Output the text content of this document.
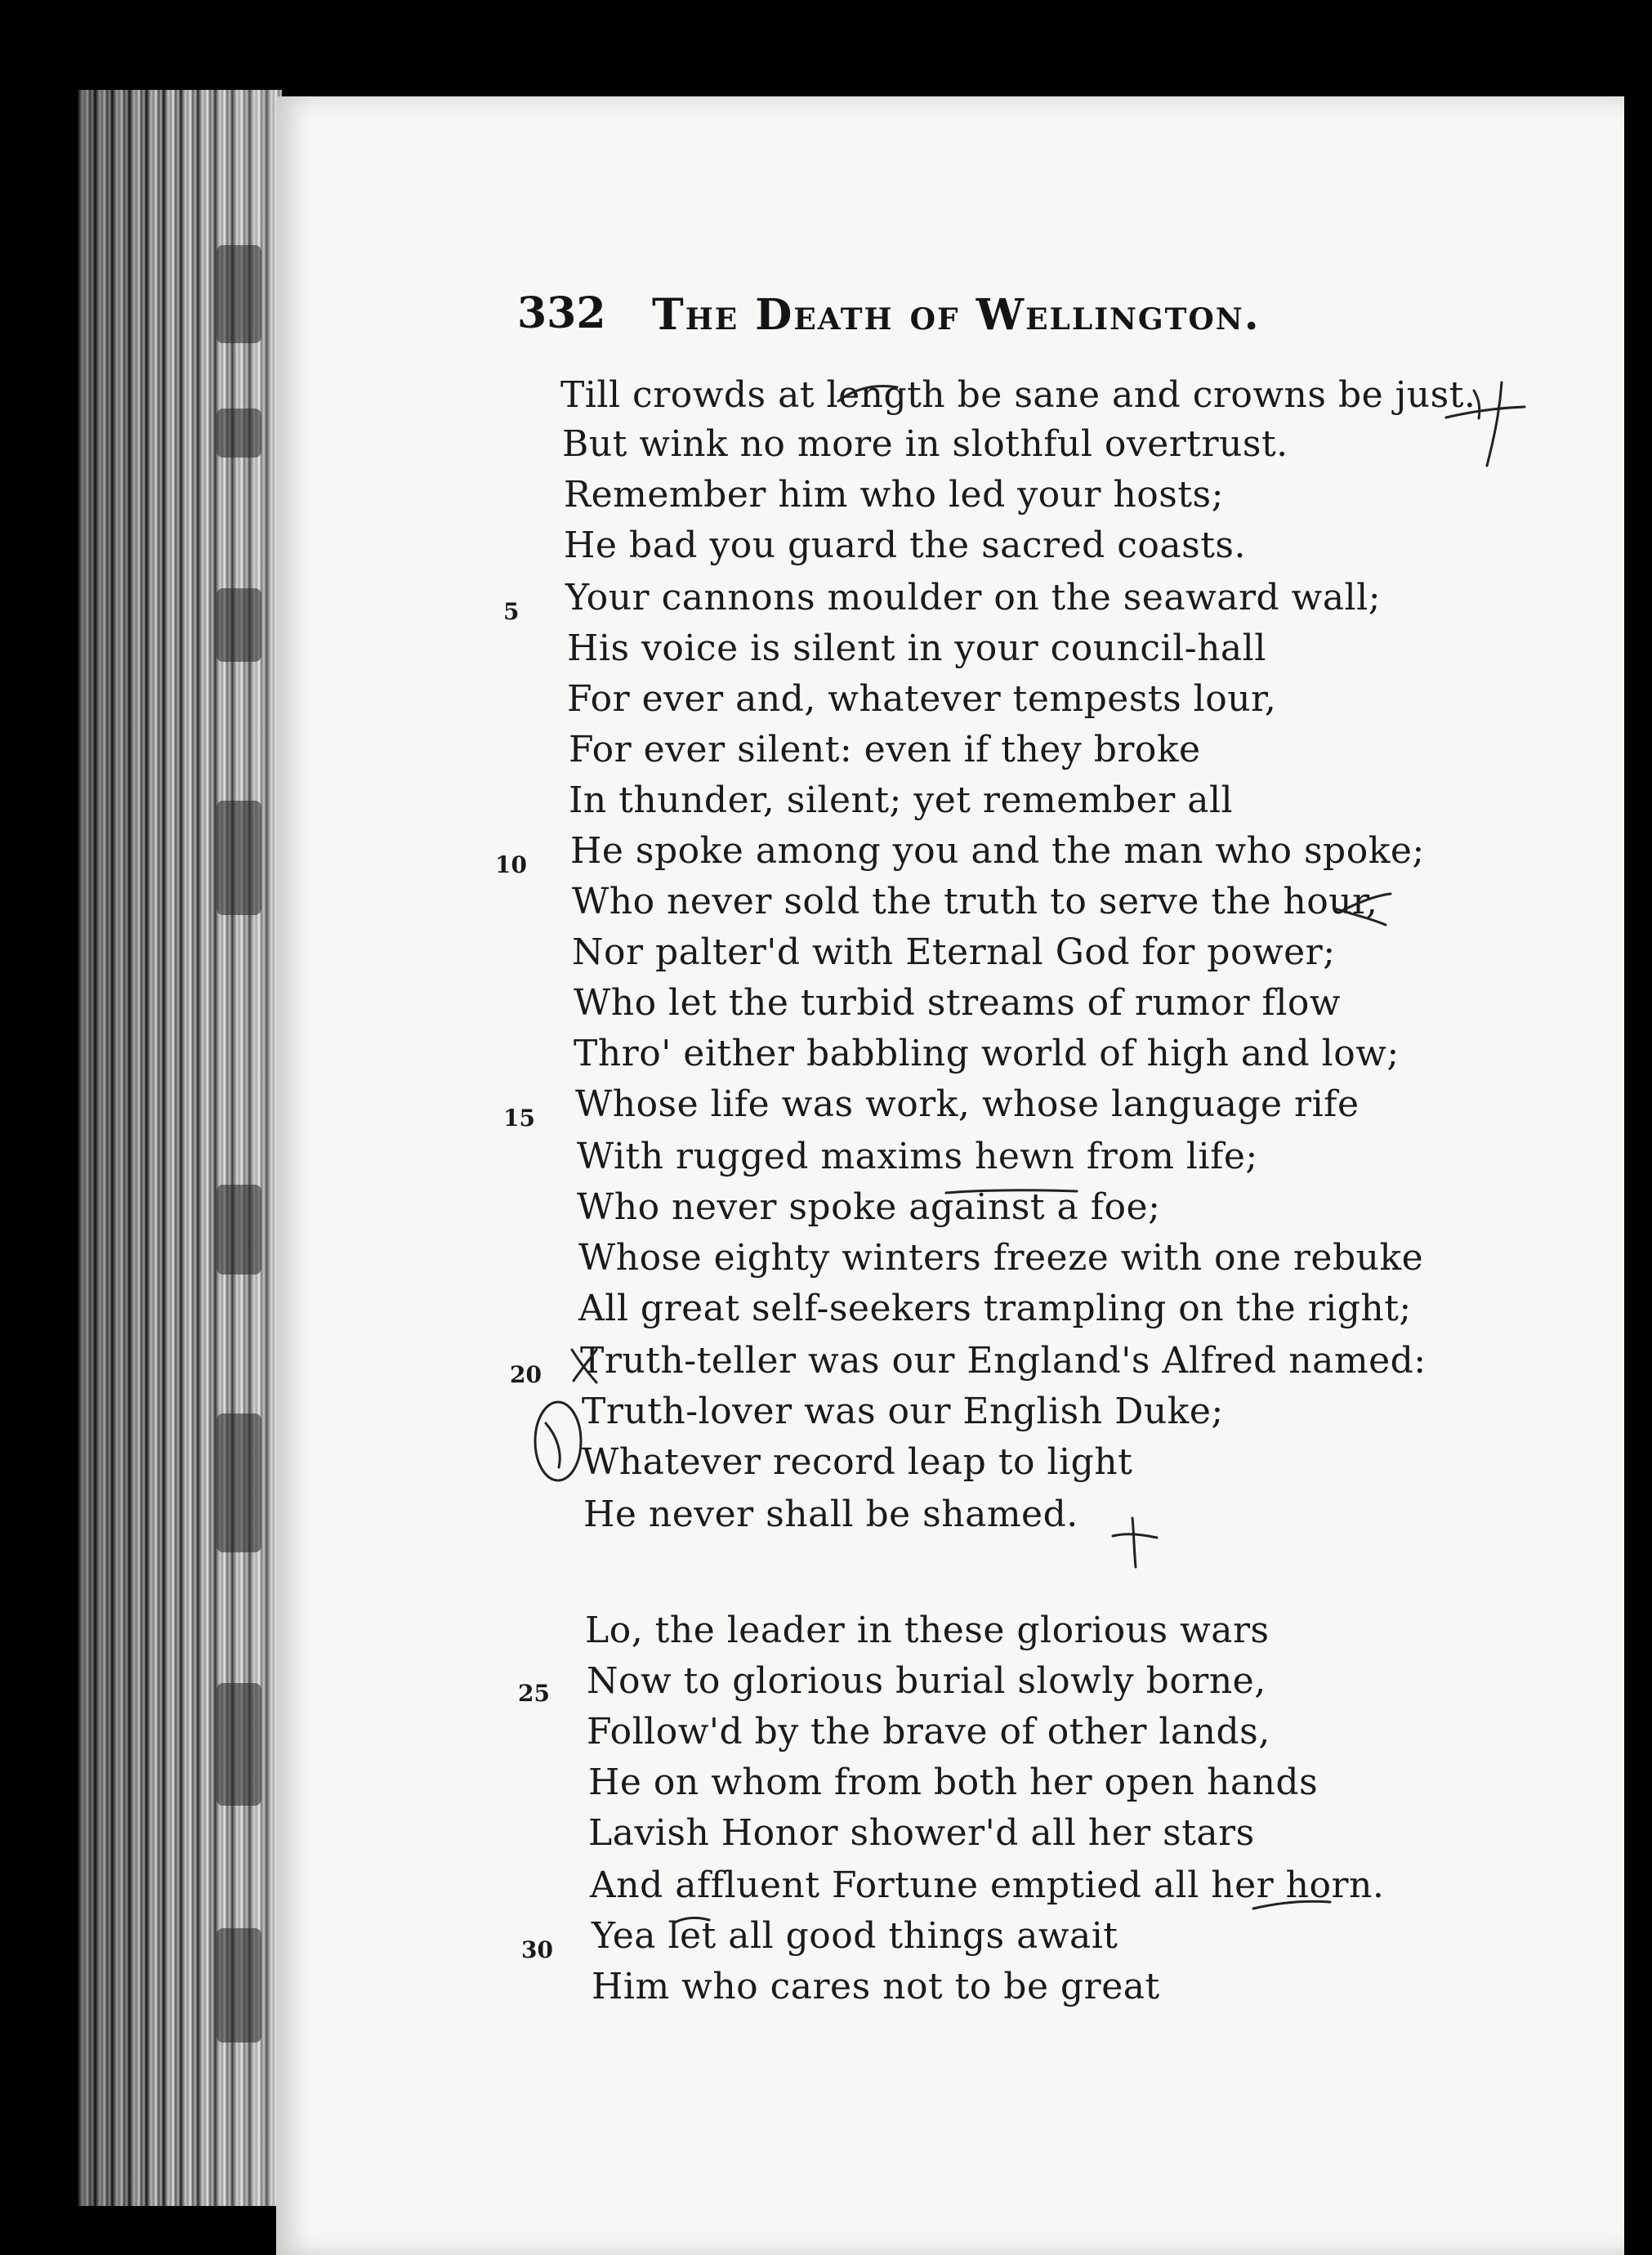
332 The Death of Wellington.
Till crowds at length be sane and crowns be just.
But wink no more in slothful overtrust.
Remember him who led your hosts;
He bad you guard the sacred coasts.
Your cannons moulder on the seaward wall;
His voice is silent in your council-hall
For ever and, whatever tempests lour,
For ever silent: even if they broke
In thunder, silent; yet remember all
He spoke among you and the man who spoke;
Who never sold the truth to serve the hour,
Nor palter'd with Eternal God for power;
Who let the turbid streams of rumor flow
Thro' either babbling world of high and low;
Whose life was work, whose language rife
With rugged maxims hewn from life;
Who never spoke against a foe;
Whose eighty winters freeze with one rebuke
All great self-seekers trampling on the right;
Truth-teller was our England's Alfred named:
Truth-lover was our English Duke;
Whatever record leap to light
He never shall be shamed.
Lo, the leader in these glorious wars
Now to glorious burial slowly borne,
Follow'd by the brave of other lands,
He on whom from both her open hands
Lavish Honor shower'd all her stars
And affluent Fortune emptied all her horn.
Yea let all good things await
Him who cares not to be great
5
10
15
20
25
30
